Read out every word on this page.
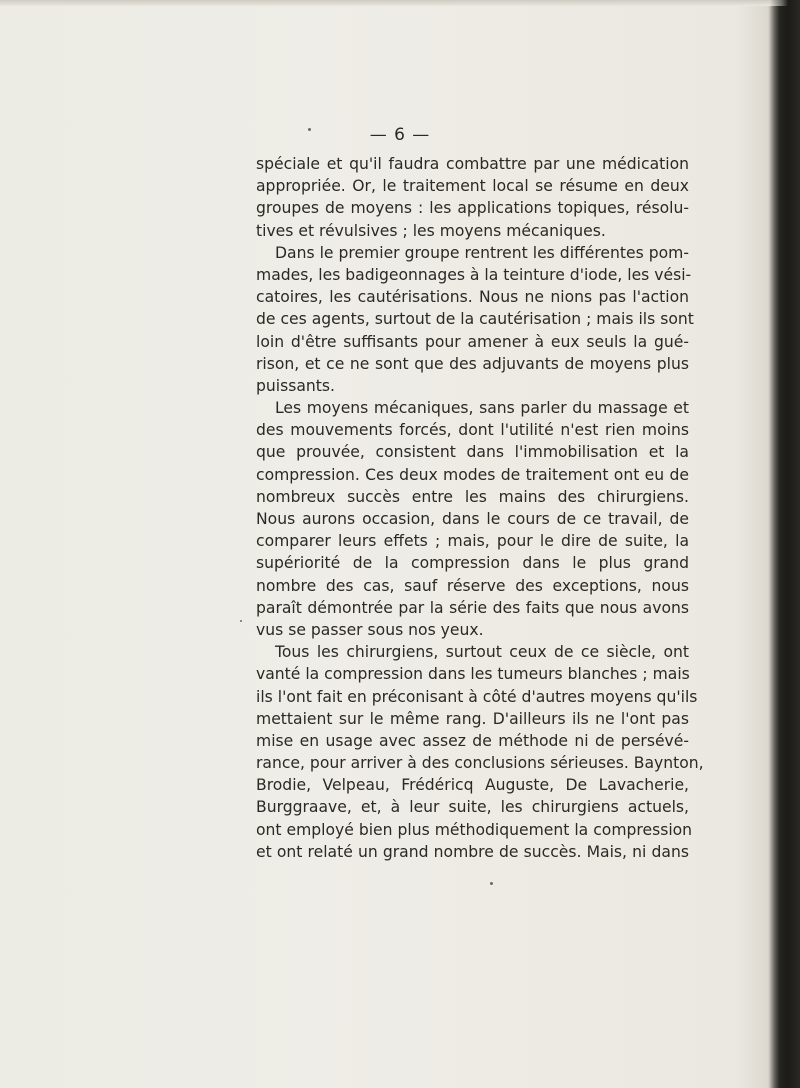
— 6 —
spéciale et qu'il faudra combattre par une médication
appropriée. Or, le traitement local se résume en deux
groupes de moyens : les applications topiques, résolu-
tives et révulsives ; les moyens mécaniques.
Dans le premier groupe rentrent les différentes pom-
mades, les badigeonnages à la teinture d'iode, les vési-
catoires, les cautérisations. Nous ne nions pas l'action
de ces agents, surtout de la cautérisation ; mais ils sont
loin d'être suffisants pour amener à eux seuls la gué-
rison, et ce ne sont que des adjuvants de moyens plus
puissants.
Les moyens mécaniques, sans parler du massage et
des mouvements forcés, dont l'utilité n'est rien moins
que prouvée, consistent dans l'immobilisation et la
compression. Ces deux modes de traitement ont eu de
nombreux succès entre les mains des chirurgiens.
Nous aurons occasion, dans le cours de ce travail, de
comparer leurs effets ; mais, pour le dire de suite, la
supériorité de la compression dans le plus grand
nombre des cas, sauf réserve des exceptions, nous
paraît démontrée par la série des faits que nous avons
vus se passer sous nos yeux.
Tous les chirurgiens, surtout ceux de ce siècle, ont
vanté la compression dans les tumeurs blanches ; mais
ils l'ont fait en préconisant à côté d'autres moyens qu'ils
mettaient sur le même rang. D'ailleurs ils ne l'ont pas
mise en usage avec assez de méthode ni de persévé-
rance, pour arriver à des conclusions sérieuses. Baynton,
Brodie, Velpeau, Frédéricq Auguste, De Lavacherie,
Burggraave, et, à leur suite, les chirurgiens actuels,
ont employé bien plus méthodiquement la compression
et ont relaté un grand nombre de succès. Mais, ni dans
